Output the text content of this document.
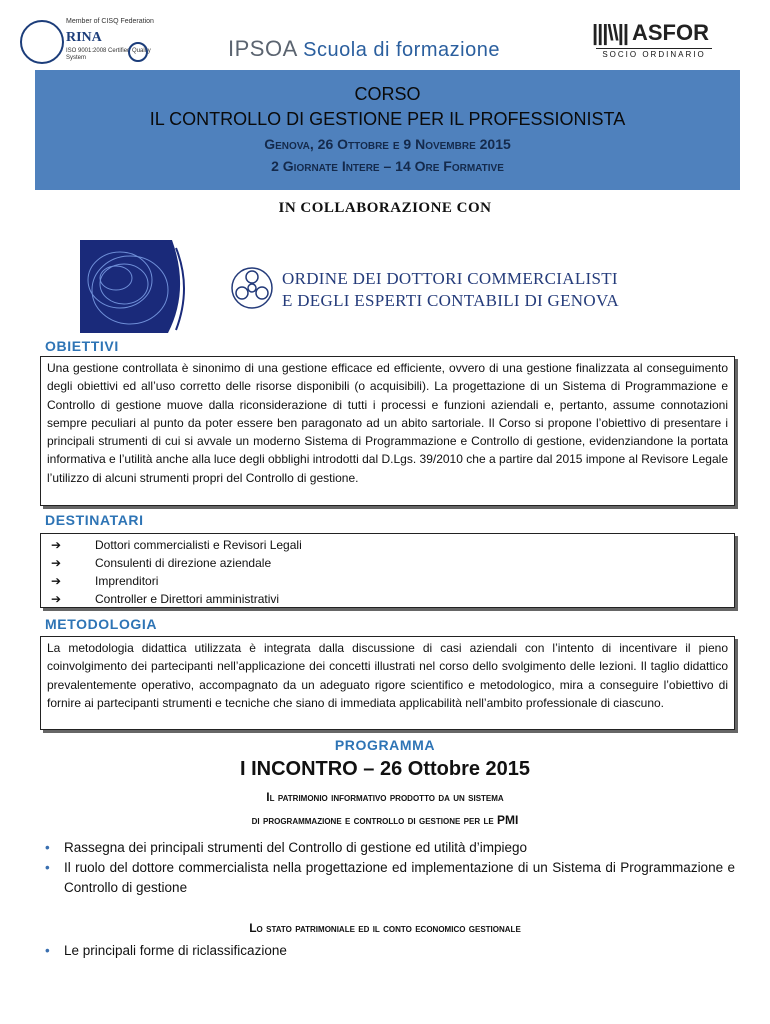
Member of CISQ Federation
RINA
ISO 9001:2008 Certified Quality System	IPSOA Scuola di formazione
|||\\|| ASFOR
SOCIO ORDINARIO
CORSO
IL CONTROLLO DI GESTIONE PER IL PROFESSIONISTA
Genova, 26 Ottobre e 9 Novembre 2015
2 Giornate Intere – 14 Ore Formative
IN COLLABORAZIONE CON
ORDINE DEI DOTTORI COMMERCIALISTI
E DEGLI ESPERTI CONTABILI DI GENOVA
OBIETTIVI

Una gestione controllata è sinonimo di una gestione efficace ed efficiente, ovvero di una gestione finalizzata al conseguimento degli obiettivi ed all’uso corretto delle risorse disponibili (o acquisibili). La progettazione di un Sistema di Programmazione e Controllo di gestione muove dalla riconsiderazione di tutti i processi e funzioni aziendali e, pertanto, assume connotazioni sempre peculiari al punto da poter essere ben paragonato ad un abito sartoriale. Il Corso si propone l’obiettivo di presentare i principali strumenti di cui si avvale un moderno Sistema di Programmazione e Controllo di gestione, evidenziandone la portata informativa e l’utilità anche alla luce degli obblighi introdotti dal D.Lgs. 39/2010 che a partire dal 2015 impone al Revisore Legale l’utilizzo di alcuni strumenti propri del Controllo di gestione.

DESTINATARI
➔	Dottori commercialisti e Revisori Legali
➔	Consulenti di direzione aziendale
➔	Imprenditori
➔	Controller e Direttori amministrativi
METODOLOGIA

La metodologia didattica utilizzata è integrata dalla discussione di casi aziendali con l’intento di incentivare il pieno coinvolgimento dei partecipanti nell’applicazione dei concetti illustrati nel corso dello svolgimento delle lezioni. Il taglio didattico prevalentemente operativo, accompagnato da un adeguato rigore scientifico e metodologico, mira a conseguire l’obiettivo di fornire ai partecipanti strumenti e tecniche che siano di immediata applicabilità nell’ambito professionale di ciascuno.

PROGRAMMA
I INCONTRO – 26 Ottobre 2015
Il patrimonio informativo prodotto da un sistema
di programmazione e controllo di gestione per le PMI
•	Rassegna dei principali strumenti del Controllo di gestione ed utilità d’impiego
•	Il ruolo del dottore commercialista nella progettazione ed implementazione di un Sistema di Programmazione e Controllo di gestione
Lo stato patrimoniale ed il conto economico gestionale
•	Le principali forme di riclassificazione
